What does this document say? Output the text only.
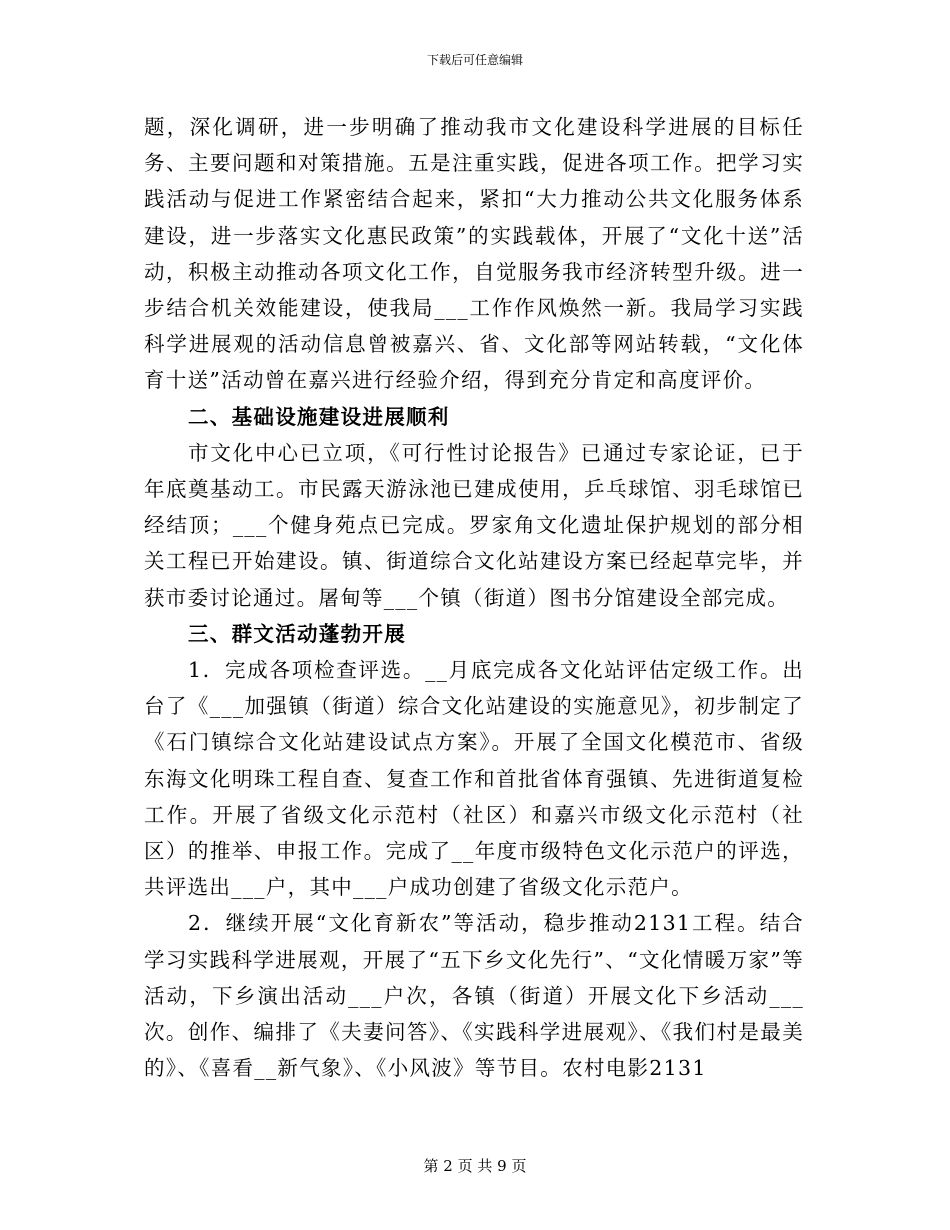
下载后可任意编辑

题，深化调研，进一步明确了推动我市文化建设科学进展的目标任务、主要问题和对策措施。五是注重实践，促进各项工作。把学习实践活动与促进工作紧密结合起来，紧扣“大力推动公共文化服务体系建设，进一步落实文化惠民政策”的实践载体，开展了“文化十送”活动，积极主动推动各项文化工作，自觉服务我市经济转型升级。进一步结合机关效能建设，使我局___工作作风焕然一新。我局学习实践科学进展观的活动信息曾被嘉兴、省、文化部等网站转载，“文化体育十送”活动曾在嘉兴进行经验介绍，得到充分肯定和高度评价。

二、基础设施建设进展顺利

市文化中心已立项，《可行性讨论报告》已通过专家论证，已于年底奠基动工。市民露天游泳池已建成使用，乒乓球馆、羽毛球馆已经结顶；___个健身苑点已完成。罗家角文化遗址保护规划的部分相关工程已开始建设。镇、街道综合文化站建设方案已经起草完毕，并获市委讨论通过。屠甸等___个镇（街道）图书分馆建设全部完成。

三、群文活动蓬勃开展

1．完成各项检查评选。__月底完成各文化站评估定级工作。出台了《___加强镇（街道）综合文化站建设的实施意见》，初步制定了《石门镇综合文化站建设试点方案》。开展了全国文化模范市、省级东海文化明珠工程自查、复查工作和首批省体育强镇、先进街道复检工作。开展了省级文化示范村（社区）和嘉兴市级文化示范村（社区）的推举、申报工作。完成了__年度市级特色文化示范户的评选，共评选出___户，其中___户成功创建了省级文化示范户。

2．继续开展“文化育新农”等活动，稳步推动2131工程。结合学习实践科学进展观，开展了“五下乡文化先行”、“文化情暖万家”等活动，下乡演出活动___户次，各镇（街道）开展文化下乡活动___次。创作、编排了《夫妻问答》、《实践科学进展观》、《我们村是最美的》、《喜看__新气象》、《小风波》等节目。农村电影2131

第 2 页 共 9 页
